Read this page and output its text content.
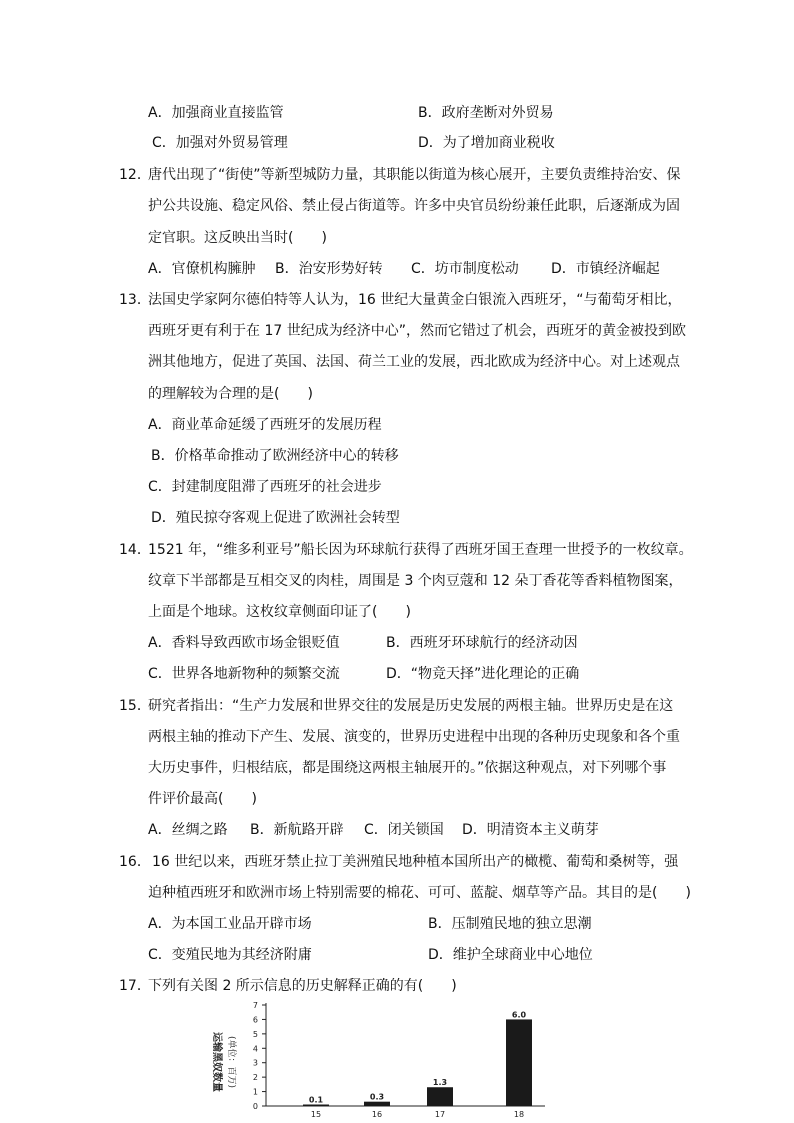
A．加强商业直接监管	B．政府垄断对外贸易
C．加强对外贸易管理	D．为了增加商业税收
12．
唐代出现了“街使”等新型城防力量，其职能以街道为核心展开，主要负责维持治安、保
护公共设施、稳定风俗、禁止侵占街道等。许多中央官员纷纷兼任此职，后逐渐成为固
定官职。这反映出当时(　　)
A．官僚机构臃肿 B．治安形势好转 C．坊市制度松动 D．市镇经济崛起
13．
法国史学家阿尔德伯特等人认为，16 世纪大量黄金白银流入西班牙，“与葡萄牙相比，
西班牙更有利于在 17 世纪成为经济中心”，然而它错过了机会，西班牙的黄金被投到欧
洲其他地方，促进了英国、法国、荷兰工业的发展，西北欧成为经济中心。对上述观点
的理解较为合理的是(　　)
A．商业革命延缓了西班牙的发展历程
B．价格革命推动了欧洲经济中心的转移
C．封建制度阻滞了西班牙的社会进步
D．殖民掠夺客观上促进了欧洲社会转型
14．
1521 年，“维多利亚号”船长因为环球航行获得了西班牙国王查理一世授予的一枚纹章。
纹章下半部都是互相交叉的肉桂，周围是 3 个肉豆蔻和 12 朵丁香花等香料植物图案，
上面是个地球。这枚纹章侧面印证了(　　)
A．香料导致西欧市场金银贬值	B．西班牙环球航行的经济动因
C．世界各地新物种的频繁交流	D．“物竞天择”进化理论的正确
15．
研究者指出：“生产力发展和世界交往的发展是历史发展的两根主轴。世界历史是在这
两根主轴的推动下产生、发展、演变的，世界历史进程中出现的各种历史现象和各个重
大历史事件，归根结底，都是围绕这两根主轴展开的。”依据这种观点，对下列哪个事
件评价最高(　　)
A．丝绸之路 B．新航路开辟 C．闭关锁国 D．明清资本主义萌芽
16． 16 世纪以来，西班牙禁止拉丁美洲殖民地种植本国所出产的橄榄、葡萄和桑树等，强
迫种植西班牙和欧洲市场上特别需要的棉花、可可、蓝靛、烟草等产品。其目的是(　　)
A．为本国工业品开辟市场	B．压制殖民地的独立思潮
C．变殖民地为其经济附庸	D．维护全球商业中心地位
17．
下列有关图 2 所示信息的历史解释正确的有(　　)
运输黑奴数量 (单位：百万)
0
1
2
3
4
5
6
7
15	16	17	18
0.1	0.3
1.3
6.0
